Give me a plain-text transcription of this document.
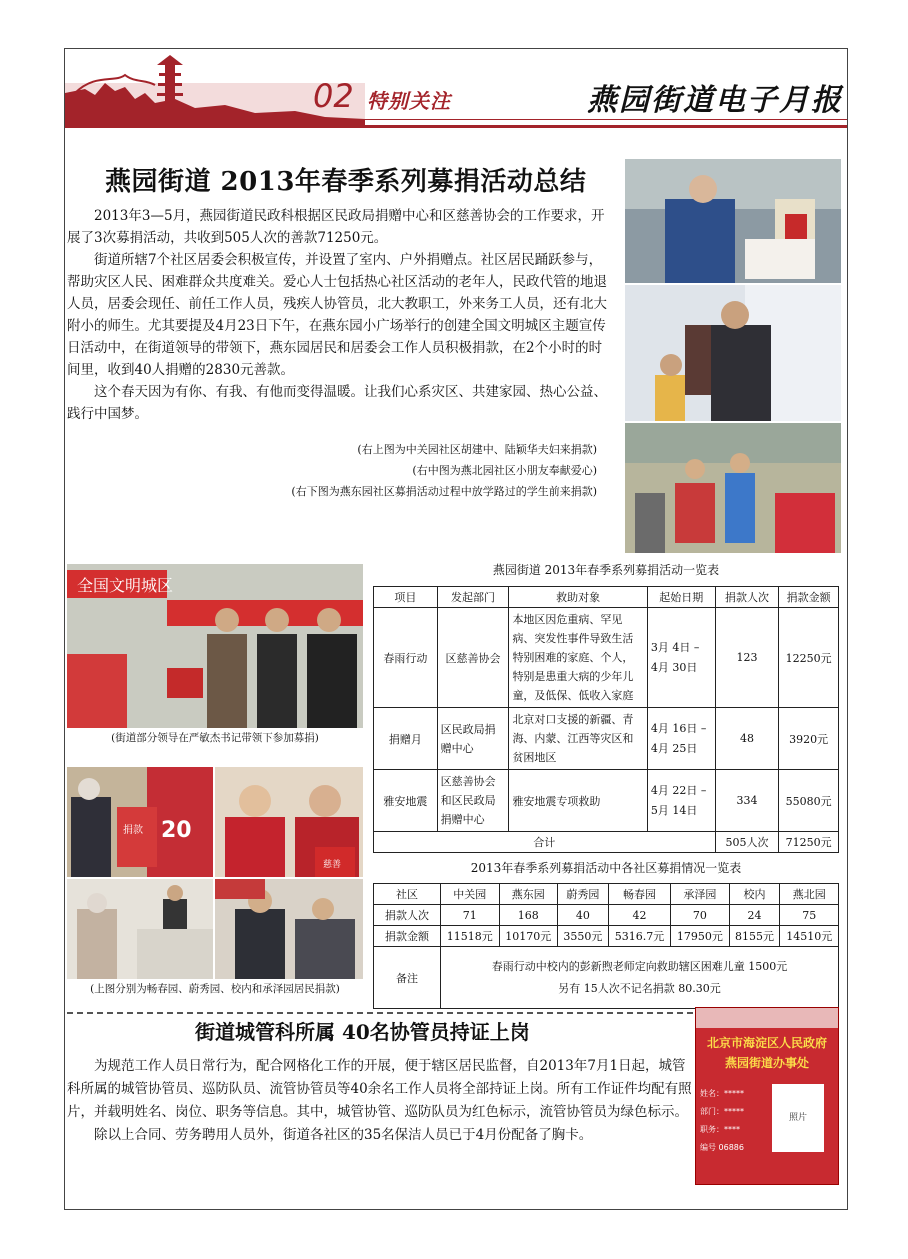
02 特别关注	燕园街道电子月报
燕园街道 2013年春季系列募捐活动总结

2013年3—5月，燕园街道民政科根据区民政局捐赠中心和区慈善协会的工作要求，开展了3次募捐活动，共收到505人次的善款71250元。

街道所辖7个社区居委会积极宣传，并设置了室内、户外捐赠点。社区居民踊跃参与，帮助灾区人民、困难群众共度难关。爱心人士包括热心社区活动的老年人，民政代管的地退人员，居委会现任、前任工作人员，残疾人协管员，北大教职工，外来务工人员，还有北大附小的师生。尤其要提及4月23日下午，在燕东园小广场举行的创建全国文明城区主题宣传日活动中，在街道领导的带领下，燕东园居民和居委会工作人员积极捐款，在2个小时的时间里，收到40人捐赠的2830元善款。

这个春天因为有你、有我、有他而变得温暖。让我们心系灾区、共建家园、热心公益、践行中国梦。

(右上图为中关园社区胡建中、陆颖华夫妇来捐款)
(右中图为燕北园社区小朋友奉献爱心)
(右下图为燕东园社区募捐活动过程中放学路过的学生前来捐款)
全国文明城区
(街道部分领导在严敏杰书记带领下参加募捐)
捐款 20
慈善
(上图分别为畅春园、蔚秀园、校内和承泽园居民捐款)
燕园街道 2013年春季系列募捐活动一览表
项目	发起部门	救助对象	起始日期	捐款人次	捐款金额
春雨行动	区慈善协会	本地区因危重病、罕见病、突发性事件导致生活特别困难的家庭、个人，特别是患重大病的少年儿童，及低保、低收入家庭	3月 4日 –
4月 30日	123	12250元
捐赠月	区民政局捐赠中心	北京对口支援的新疆、青海、内蒙、江西等灾区和贫困地区	4月 16日 –
4月 25日	48	3920元
雅安地震	区慈善协会和区民政局捐赠中心	雅安地震专项救助	4月 22日 –
5月 14日	334	55080元
合计				505人次	71250元
2013年春季系列募捐活动中各社区募捐情况一览表
社区	中关园	燕东园	蔚秀园	畅春园	承泽园	校内	燕北园
捐款人次	71	168	40	42	70	24	75
捐款金额	11518元	10170元	3550元	5316.7元	17950元	8155元	14510元
备注	春雨行动中校内的彭新煦老师定向救助辖区困难儿童 1500元
另有 15人次不记名捐款 80.30元						
街道城管科所属 40名协管员持证上岗

为规范工作人员日常行为，配合网格化工作的开展，便于辖区居民监督，自2013年7月1日起，城管科所属的城管协管员、巡防队员、流管协管员等40余名工作人员将全部持证上岗。所有工作证件均配有照片，并载明姓名、岗位、职务等信息。其中，城管协管、巡防队员为红色标示，流管协管员为绿色标示。

除以上合同、劳务聘用人员外，街道各社区的35名保洁人员已于4月份配备了胸卡。

北京市海淀区人民政府
燕园街道办事处
姓名：*****
部门：*****
职务：****
编号 06886
照片
